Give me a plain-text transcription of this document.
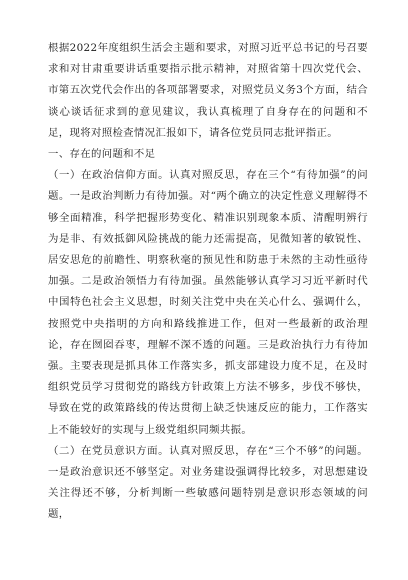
根据2022年度组织生活会主题和要求，对照习近平总书记的号召要求和对甘肃重要讲话重要指示批示精神，对照省第十四次党代会、市第五次党代会作出的各项部署要求，对照党员义务3个方面，结合谈心谈话征求到的意见建议，我认真梳理了自身存在的问题和不足，现将对照检查情况汇报如下，请各位党员同志批评指正。

一、存在的问题和不足

（一）在政治信仰方面。认真对照反思，存在三个“有待加强”的问题。一是政治判断力有待加强。对“两个确立的决定性意义理解得不够全面精准，科学把握形势变化、精准识别现象本质、清醒明辨行为是非、有效抵御风险挑战的能力还需提高，见微知著的敏锐性、居安思危的前瞻性、明察秋毫的预见性和防患于未然的主动性亟待加强。二是政治领悟力有待加强。虽然能够认真学习习近平新时代中国特色社会主义思想，时刻关注党中央在关心什么、强调什么，按照党中央指明的方向和路线推进工作，但对一些最新的政治理论，存在囫囵吞枣，理解不深不透的问题。三是政治执行力有待加强。主要表现是抓具体工作落实多，抓支部建设力度不足，在及时组织党员学习贯彻党的路线方针政策上方法不够多，步伐不够快，导致在党的政策路线的传达贯彻上缺乏快速反应的能力，工作落实上不能较好的实现与上级党组织同频共振。

（二）在党员意识方面。认真对照反思，存在“三个不够”的问题。一是政治意识还不够坚定。对业务建设强调得比较多，对思想建设关注得还不够，分析判断一些敏感问题特别是意识形态领域的问题，
